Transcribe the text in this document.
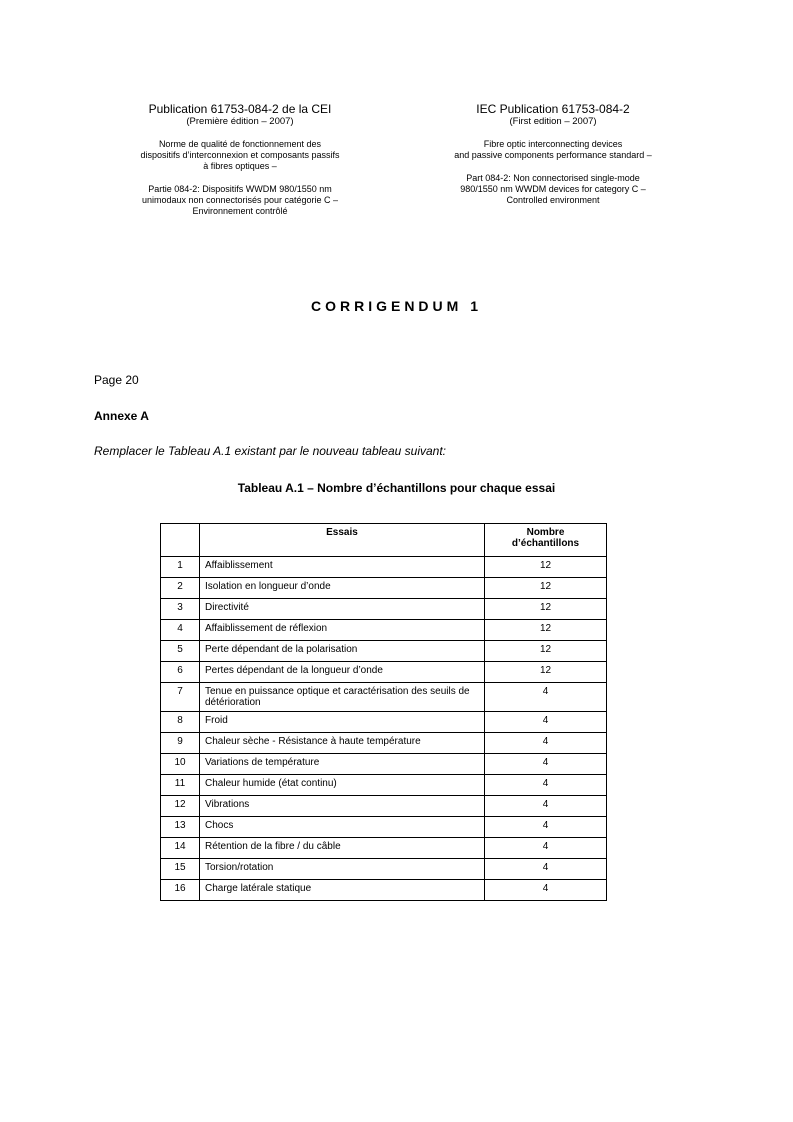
Publication 61753-084-2 de la CEI
(Première édition – 2007)
Norme de qualité de fonctionnement des
dispositifs d’interconnexion et composants passifs
à fibres optiques –
Partie 084-2: Dispositifs WWDM 980/1550 nm
unimodaux non connectorisés pour catégorie C –
Environnement contrôlé
IEC Publication 61753-084-2
(First edition – 2007)
Fibre optic interconnecting devices
and passive components performance standard –
Part 084-2: Non connectorised single-mode
980/1550 nm WWDM devices for category C –
Controlled environment
CORRIGENDUM 1
Page 20
Annexe A
Remplacer le Tableau A.1 existant par le nouveau tableau suivant:
Tableau A.1 – Nombre d’échantillons pour chaque essai
	Essais	Nombre
d’échantillons

1	Affaiblissement	12
2	Isolation en longueur d’onde	12
3	Directivité	12
4	Affaiblissement de réflexion	12
5	Perte dépendant de la polarisation	12
6	Pertes dépendant de la longueur d’onde	12
7	Tenue en puissance optique et caractérisation des seuils de détérioration	4
8	Froid	4
9	Chaleur sèche - Résistance à haute température	4
10	Variations de température	4
11	Chaleur humide (état continu)	4
12	Vibrations	4
13	Chocs	4
14	Rétention de la fibre / du câble	4
15	Torsion/rotation	4
16	Charge latérale statique	4
